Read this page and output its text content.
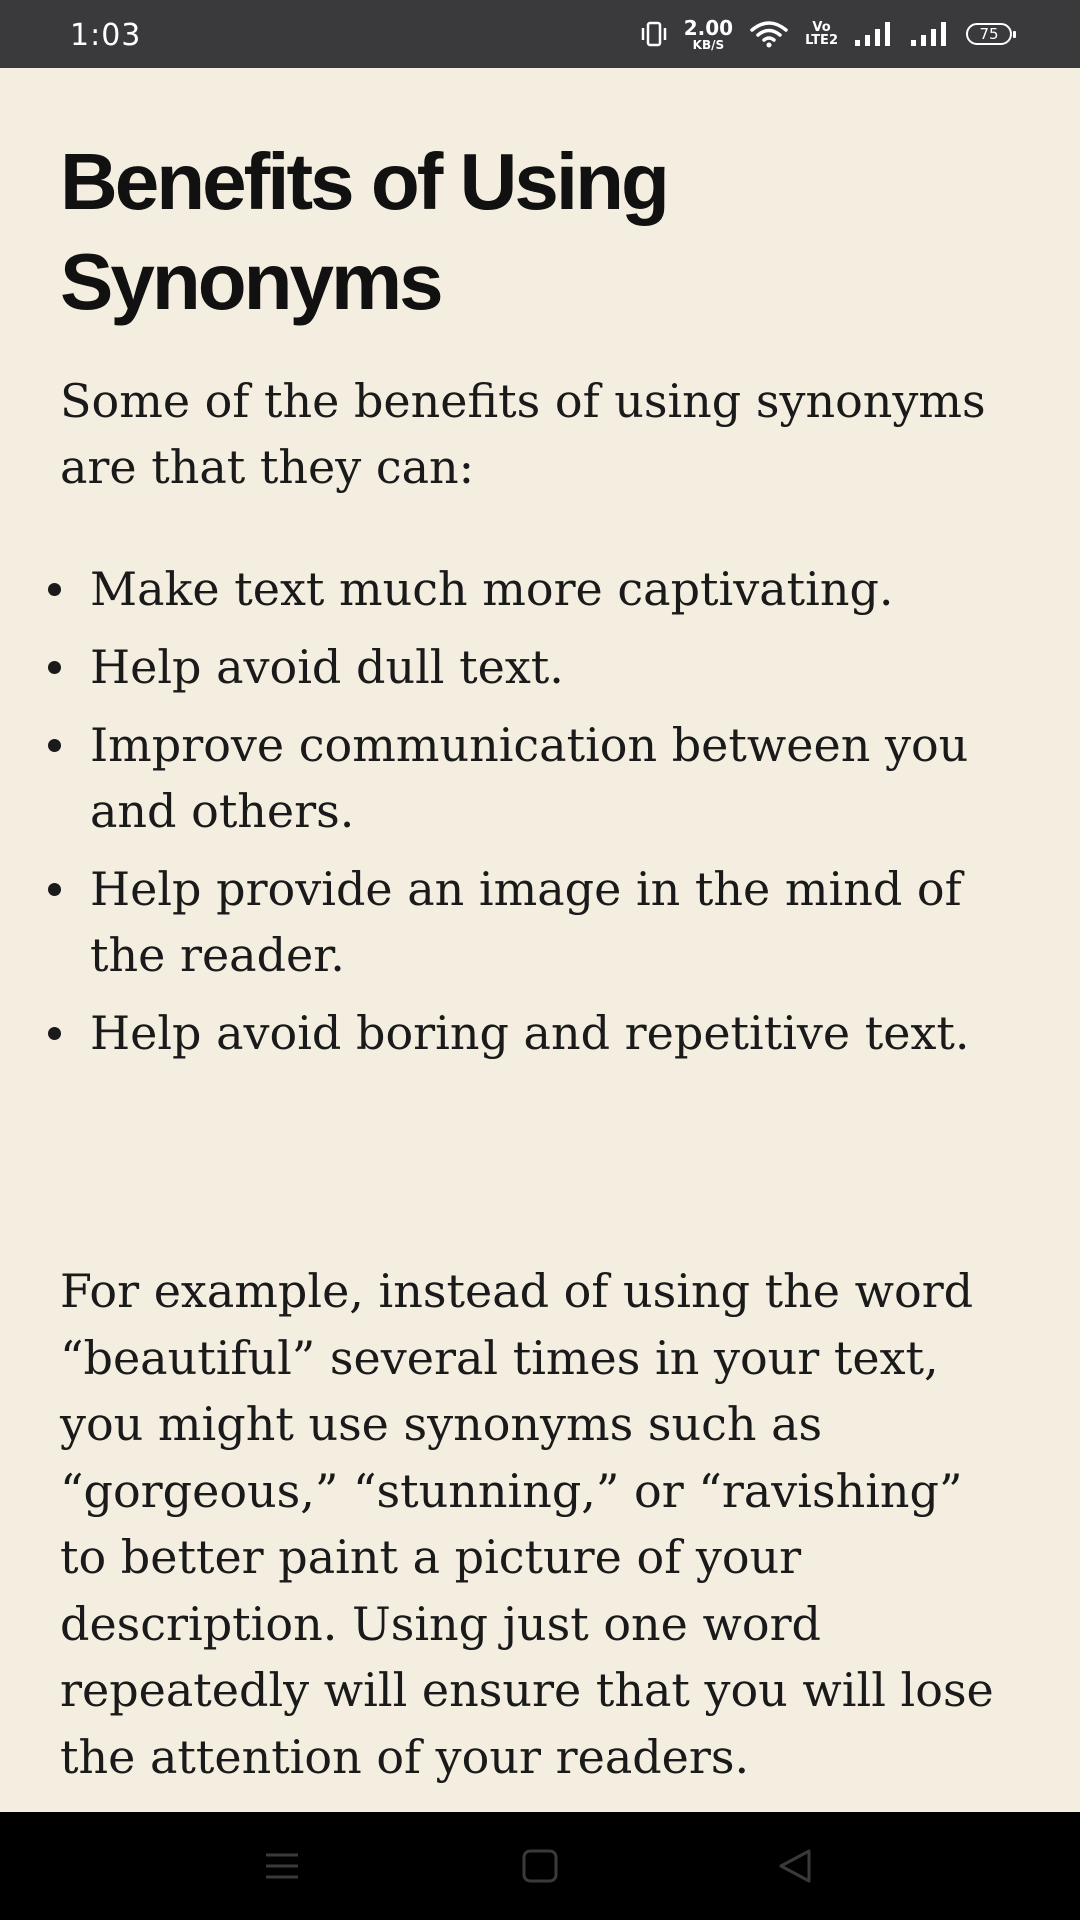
1:03	2.00
KB/S
Vo
LTE2	75
Benefits of Using Synonyms

Some of the benefits of using synonyms are that they can:

Make text much more captivating.
Help avoid dull text.
Improve communication between you and others.
Help provide an image in the mind of the reader.
Help avoid boring and repetitive text.

For example, instead of using the word “beautiful” several times in your text, you might use synonyms such as “gorgeous,” “stunning,” or “ravishing” to better paint a picture of your description. Using just one word repeatedly will ensure that you will lose the attention of your readers.
